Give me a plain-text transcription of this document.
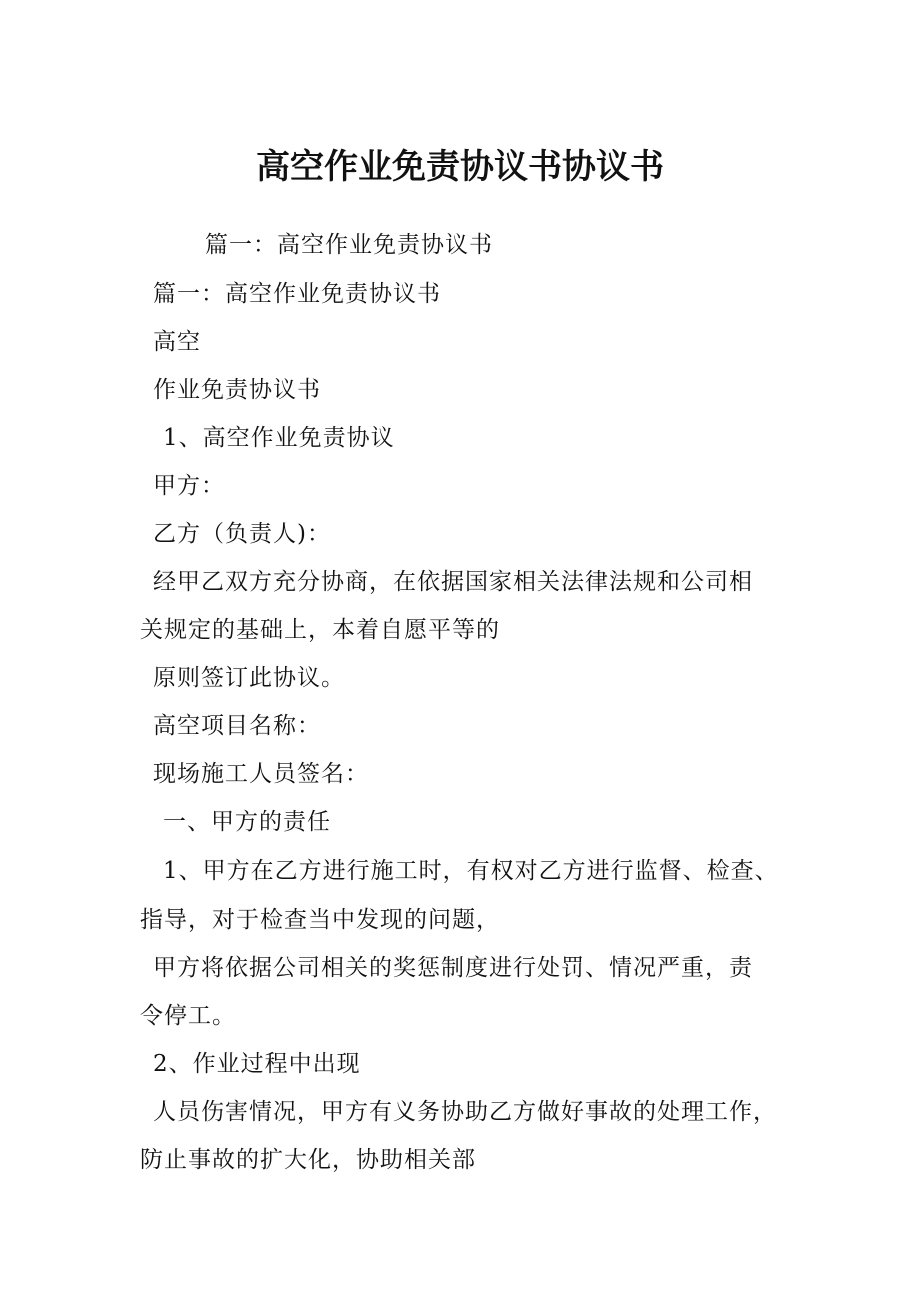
高空作业免责协议书协议书
篇一：高空作业免责协议书
篇一：高空作业免责协议书
高空
作业免责协议书
1、高空作业免责协议
甲方：
乙方（负责人)：
经甲乙双方充分协商，在依据国家相关法律法规和公司相
关规定的基础上，本着自愿平等的
原则签订此协议。
高空项目名称：
现场施工人员签名：
一、甲方的责任
1、甲方在乙方进行施工时，有权对乙方进行监督、检查、
指导，对于检查当中发现的问题，
甲方将依据公司相关的奖惩制度进行处罚、情况严重，责
令停工。
2、作业过程中出现
人员伤害情况，甲方有义务协助乙方做好事故的处理工作，
防止事故的扩大化，协助相关部
